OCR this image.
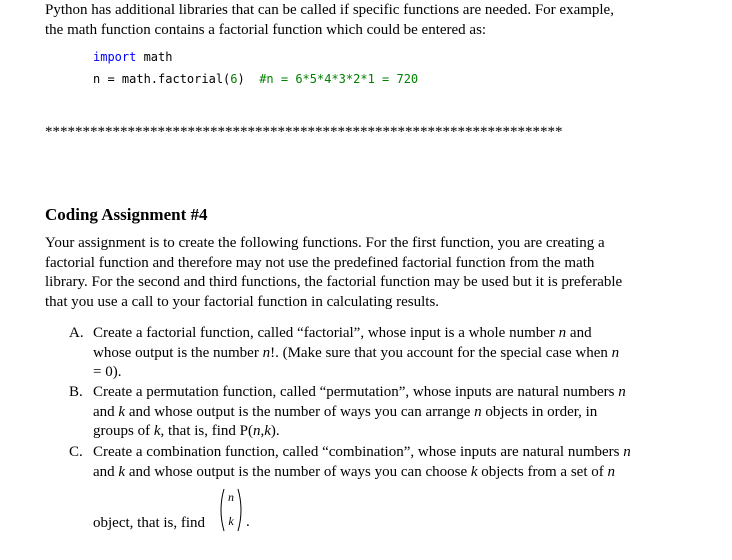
Python has additional libraries that can be called if specific functions are needed. For example,
the math function contains a factorial function which could be entered as:
import math
n = math.factorial(6)  #n = 6*5*4*3*2*1 = 720
*********************************************************************
Coding Assignment #4
Your assignment is to create the following functions. For the first function, you are creating a
factorial function and therefore may not use the predefined factorial function from the math
library. For the second and third functions, the factorial function may be used but it is preferable
that you use a call to your factorial function in calculating results.
A. Create a factorial function, called “factorial”, whose input is a whole number n and
whose output is the number n!. (Make sure that you account for the special case when n
= 0).
B. Create a permutation function, called “permutation”, whose inputs are natural numbers n
and k and whose output is the number of ways you can arrange n objects in order, in
groups of k, that is, find P(n,k).
C. Create a combination function, called “combination”, whose inputs are natural numbers n
and k and whose output is the number of ways you can choose k objects from a set of n
object, that is, find
n
k .
